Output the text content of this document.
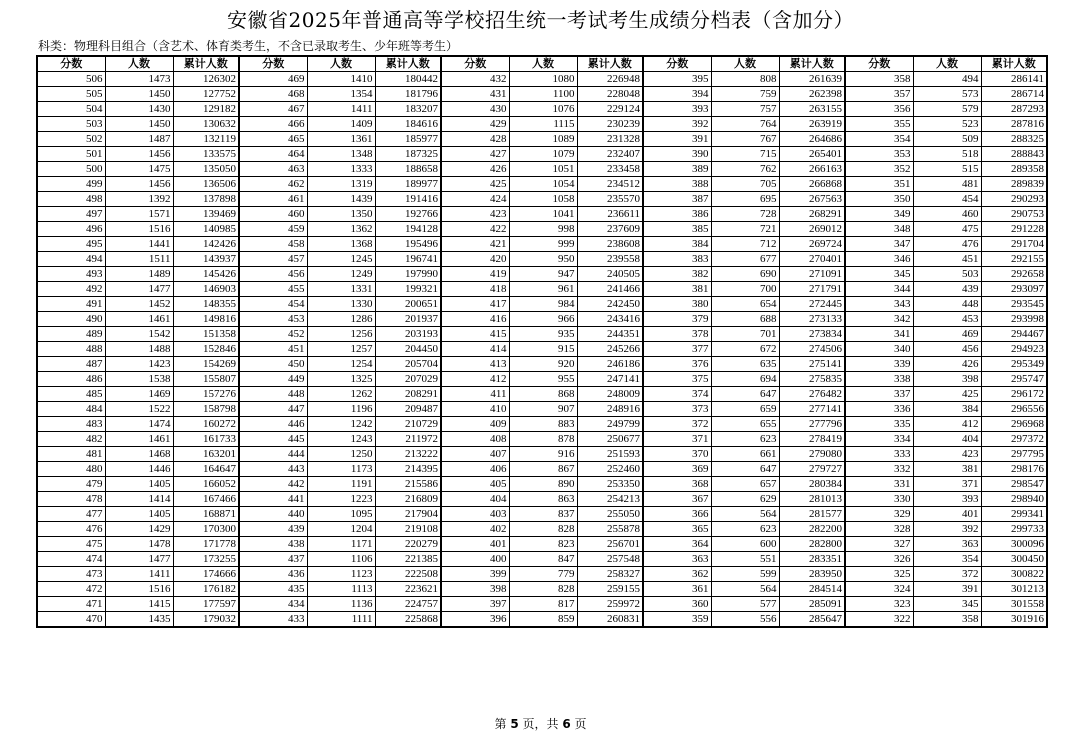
安徽省2025年普通高等学校招生统一考试考生成绩分档表（含加分）
科类：物理科目组合（含艺术、体育类考生，不含已录取考生、少年班等考生）
分数	人数	累计人数	分数	人数	累计人数	分数	人数	累计人数	分数	人数	累计人数	分数	人数	累计人数
506	1473	126302	469	1410	180442	432	1080	226948	395	808	261639	358	494	286141
505	1450	127752	468	1354	181796	431	1100	228048	394	759	262398	357	573	286714
504	1430	129182	467	1411	183207	430	1076	229124	393	757	263155	356	579	287293
503	1450	130632	466	1409	184616	429	1115	230239	392	764	263919	355	523	287816
502	1487	132119	465	1361	185977	428	1089	231328	391	767	264686	354	509	288325
501	1456	133575	464	1348	187325	427	1079	232407	390	715	265401	353	518	288843
500	1475	135050	463	1333	188658	426	1051	233458	389	762	266163	352	515	289358
499	1456	136506	462	1319	189977	425	1054	234512	388	705	266868	351	481	289839
498	1392	137898	461	1439	191416	424	1058	235570	387	695	267563	350	454	290293
497	1571	139469	460	1350	192766	423	1041	236611	386	728	268291	349	460	290753
496	1516	140985	459	1362	194128	422	998	237609	385	721	269012	348	475	291228
495	1441	142426	458	1368	195496	421	999	238608	384	712	269724	347	476	291704
494	1511	143937	457	1245	196741	420	950	239558	383	677	270401	346	451	292155
493	1489	145426	456	1249	197990	419	947	240505	382	690	271091	345	503	292658
492	1477	146903	455	1331	199321	418	961	241466	381	700	271791	344	439	293097
491	1452	148355	454	1330	200651	417	984	242450	380	654	272445	343	448	293545
490	1461	149816	453	1286	201937	416	966	243416	379	688	273133	342	453	293998
489	1542	151358	452	1256	203193	415	935	244351	378	701	273834	341	469	294467
488	1488	152846	451	1257	204450	414	915	245266	377	672	274506	340	456	294923
487	1423	154269	450	1254	205704	413	920	246186	376	635	275141	339	426	295349
486	1538	155807	449	1325	207029	412	955	247141	375	694	275835	338	398	295747
485	1469	157276	448	1262	208291	411	868	248009	374	647	276482	337	425	296172
484	1522	158798	447	1196	209487	410	907	248916	373	659	277141	336	384	296556
483	1474	160272	446	1242	210729	409	883	249799	372	655	277796	335	412	296968
482	1461	161733	445	1243	211972	408	878	250677	371	623	278419	334	404	297372
481	1468	163201	444	1250	213222	407	916	251593	370	661	279080	333	423	297795
480	1446	164647	443	1173	214395	406	867	252460	369	647	279727	332	381	298176
479	1405	166052	442	1191	215586	405	890	253350	368	657	280384	331	371	298547
478	1414	167466	441	1223	216809	404	863	254213	367	629	281013	330	393	298940
477	1405	168871	440	1095	217904	403	837	255050	366	564	281577	329	401	299341
476	1429	170300	439	1204	219108	402	828	255878	365	623	282200	328	392	299733
475	1478	171778	438	1171	220279	401	823	256701	364	600	282800	327	363	300096
474	1477	173255	437	1106	221385	400	847	257548	363	551	283351	326	354	300450
473	1411	174666	436	1123	222508	399	779	258327	362	599	283950	325	372	300822
472	1516	176182	435	1113	223621	398	828	259155	361	564	284514	324	391	301213
471	1415	177597	434	1136	224757	397	817	259972	360	577	285091	323	345	301558
470	1435	179032	433	1111	225868	396	859	260831	359	556	285647	322	358	301916
第 5 页，共 6 页
